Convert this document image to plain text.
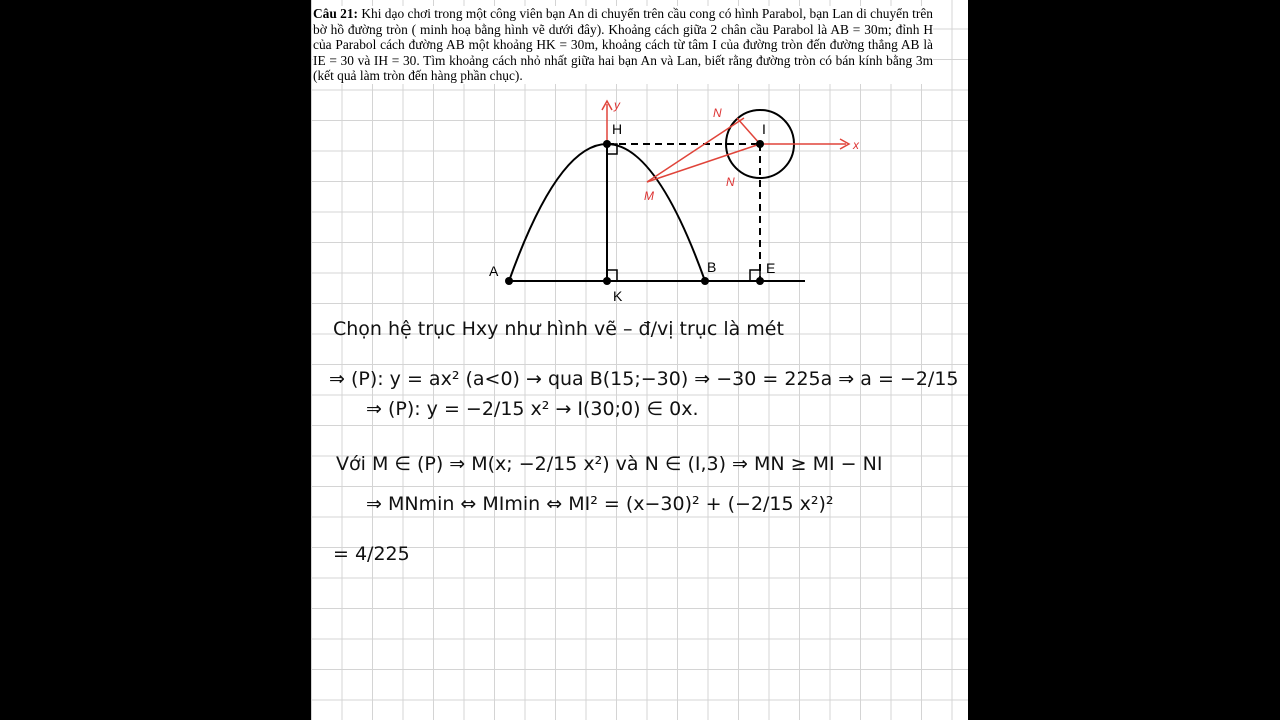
Câu 21: Khi dạo chơi trong một công viên bạn An di chuyển trên cầu cong có hình Parabol, bạn Lan di chuyển trên bờ hồ đường tròn ( minh hoạ bằng hình vẽ dưới đây). Khoảng cách giữa 2 chân cầu Parabol là AB = 30m; đỉnh H của Parabol cách đường AB một khoảng HK = 30m, khoảng cách từ tâm I của đường tròn đến đường thẳng AB là IE = 30 và IH = 30. Tìm khoảng cách nhỏ nhất giữa hai bạn An và Lan, biết rằng đường tròn có bán kính bằng 3m (kết quả làm tròn đến hàng phần chục).
A	B
H
K
E
I
M
N
N
y
x
Chọn hệ trục Hxy như hình vẽ – đ/vị trục là mét
⇒ (P): y = ax² (a<0) → qua B(15;−30) ⇒ −30 = 225a ⇒ a = −2/15
⇒ (P): y = −2/15 x² → I(30;0) ∈ 0x.
Với M ∈ (P) ⇒ M(x; −2/15 x²) và N ∈ (I,3) ⇒ MN ≥ MI − NI
⇒ MNmin ⇔ MImin ⇔ MI² = (x−30)² + (−2/15 x²)²
= 4/225
